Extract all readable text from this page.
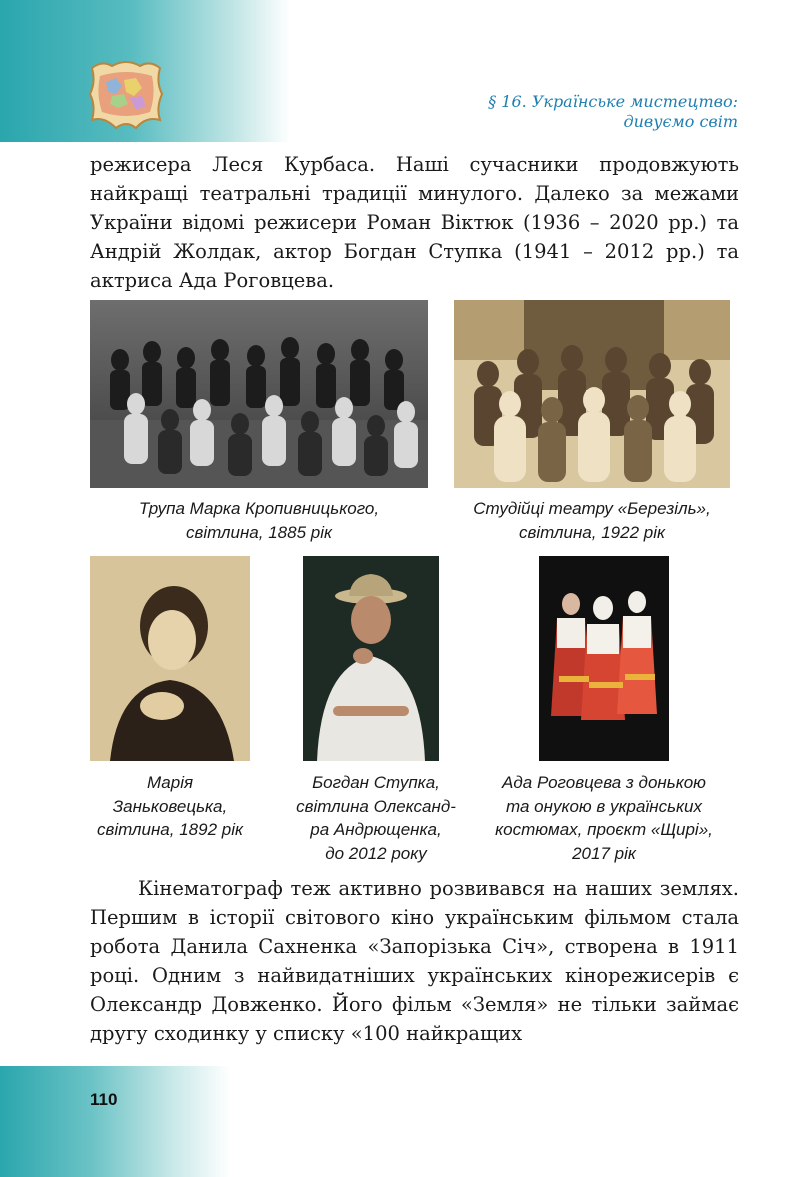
§ 16. Українське мистецтво:
дивуємо світ
режисера Леся Курбаса. Наші сучасники продовжують найкращі театральні традиції минулого. Далеко за межами України відомі режисери Роман Віктюк (1936 – 2020 рр.) та Андрій Жолдак, актор Богдан Ступка (1941 – 2012 рр.) та актриса Ада Роговцева.
Трупа Марка Кропивницького,
світлина, 1885 рік
Студійці театру «Березіль»,
світлина, 1922 рік
Марія
Заньковецька,
світлина, 1892 рік
Богдан Ступка,
світлина Олександ-
ра Андрющенка,
до 2012 року
Ада Роговцева з донькою
та онукою в українських
костюмах, проєкт «Щирі»,
2017 рік
Кінематограф теж активно розвивався на наших землях. Першим в історії світового кіно українським фільмом стала робота Данила Сахненка «Запорізька Січ», створена в 1911 році. Одним з найвидатніших українських кінорежисерів є Олександр Довженко. Його фільм «Земля» не тільки займає другу сходинку у списку «100 найкращих
110
